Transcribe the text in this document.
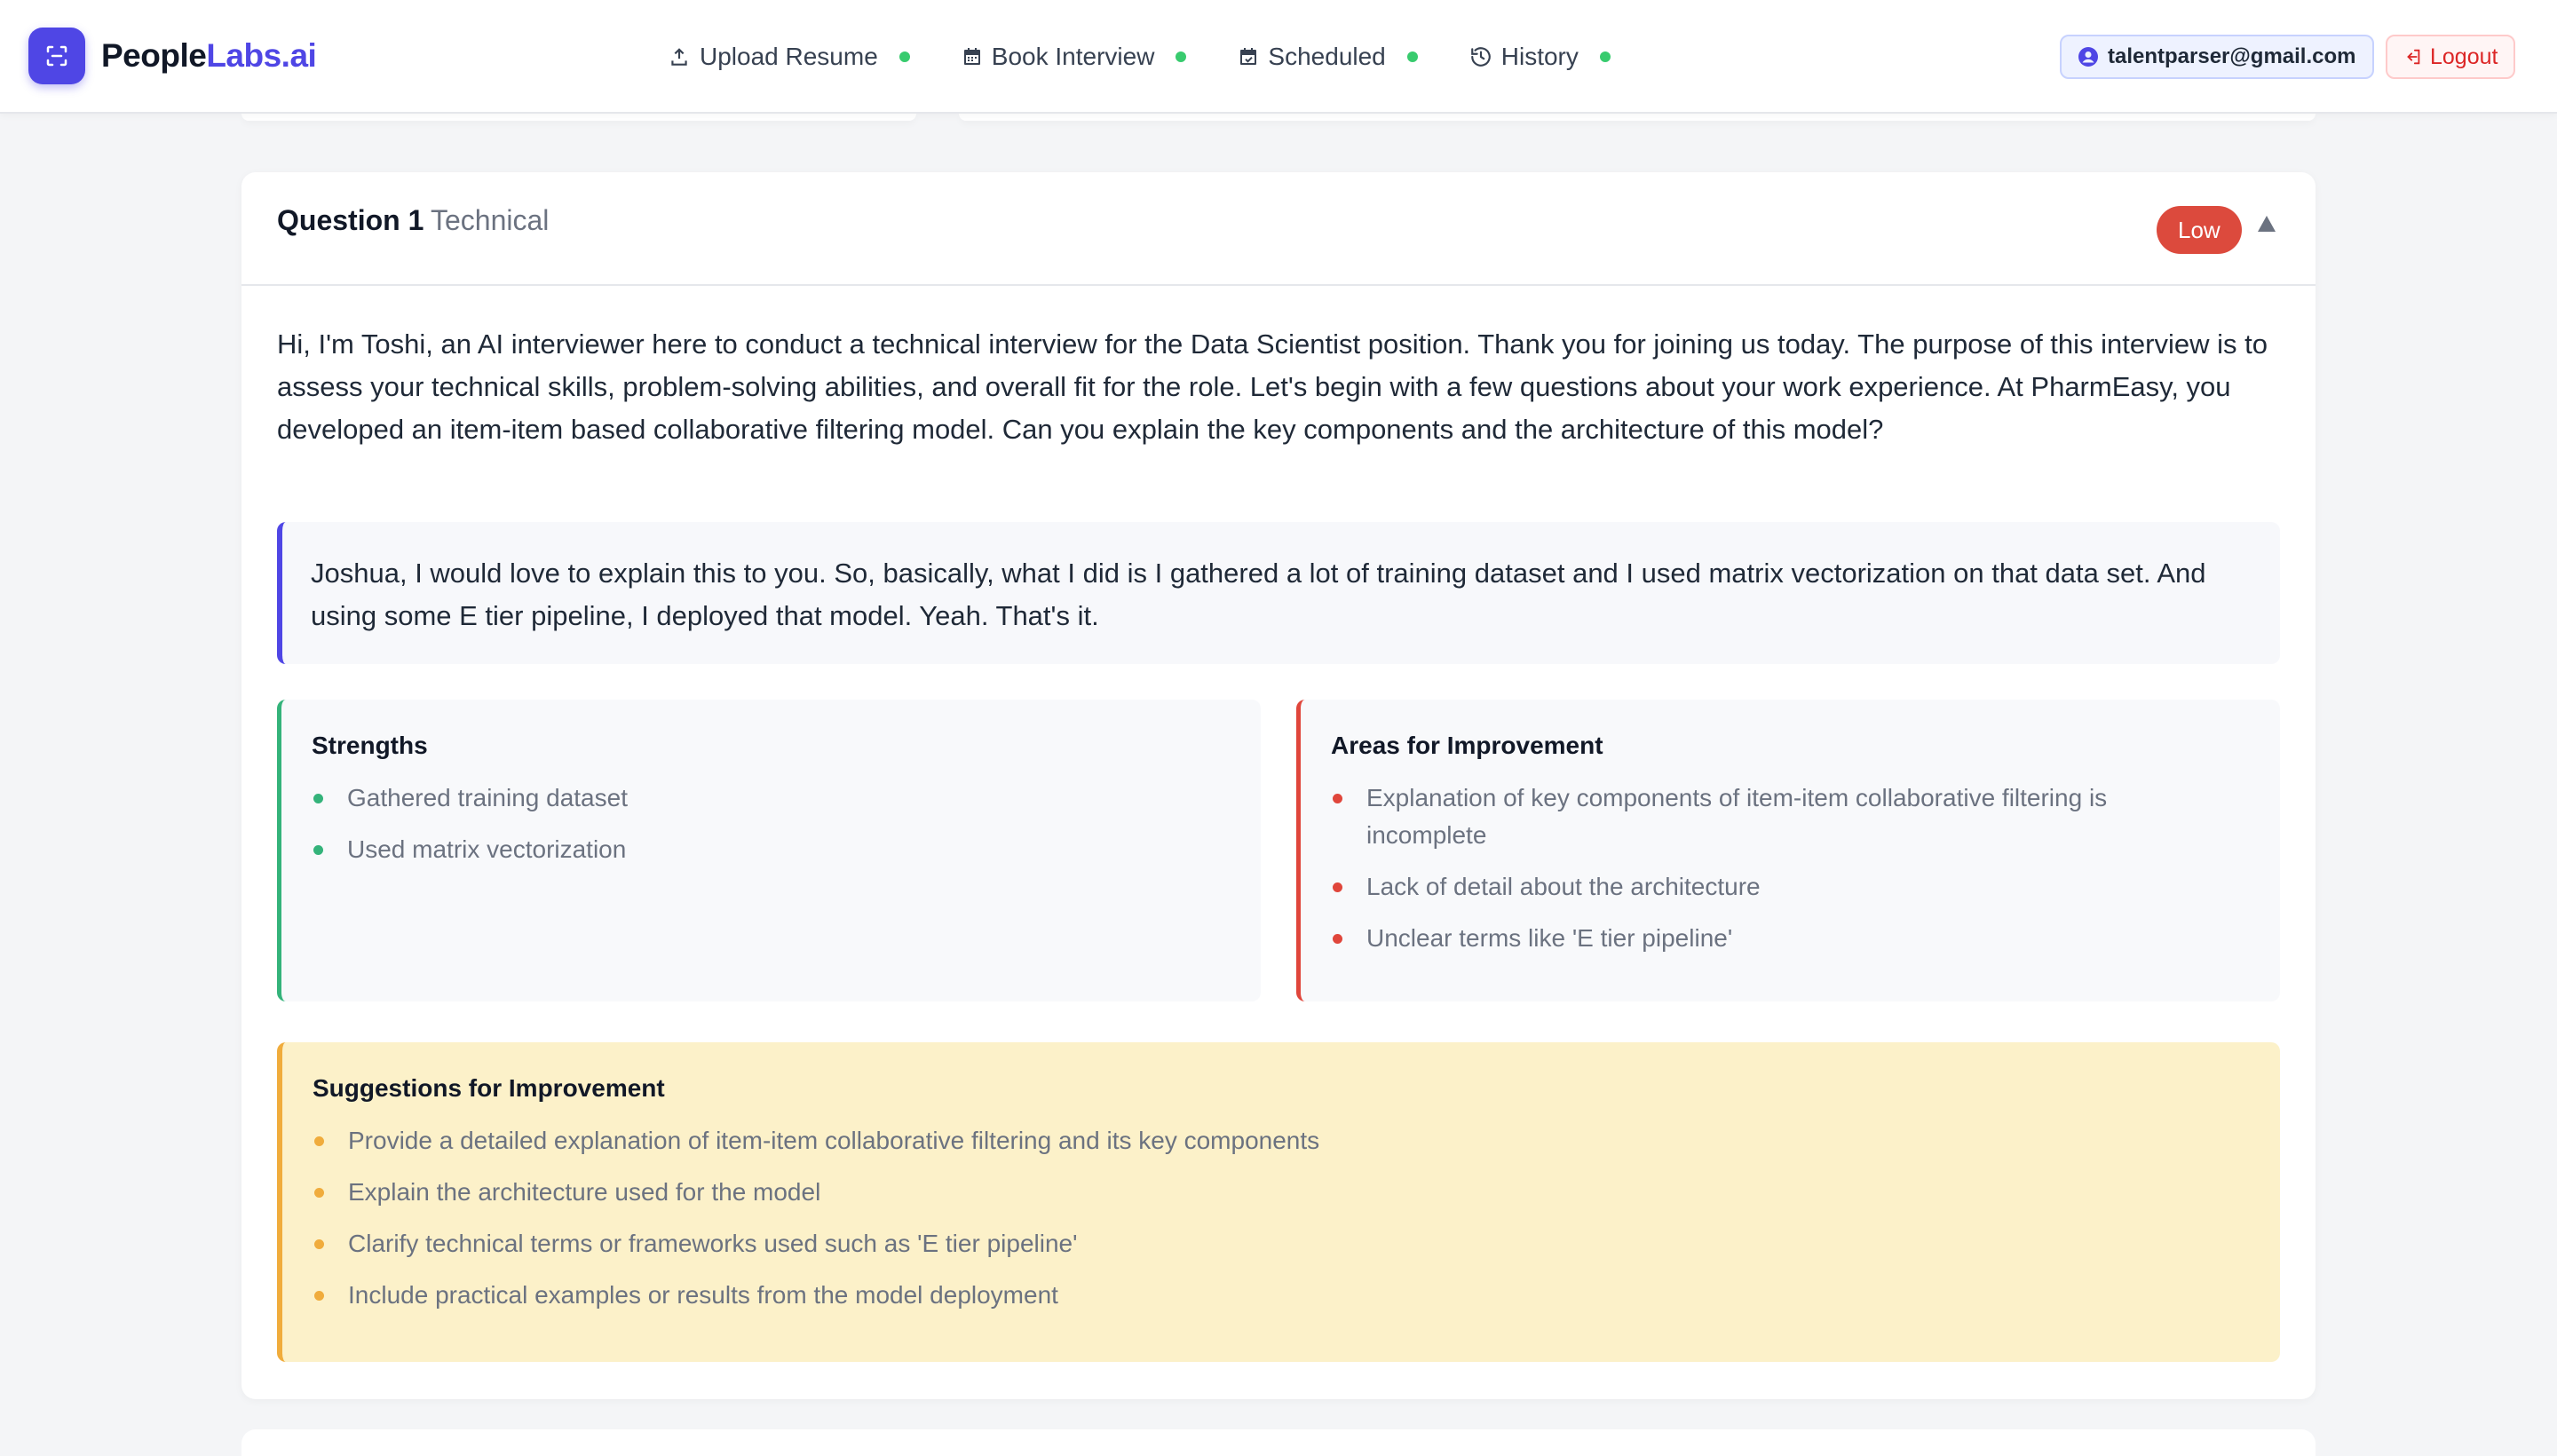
PeopleLabs.ai	Upload Resume	Book Interview	Scheduled	History	talentparser@gmail.com	Logout
Question 1 Technical	Low
Hi, I'm Toshi, an AI interviewer here to conduct a technical interview for the Data Scientist position. Thank you for joining us today. The purpose of this interview is to assess your technical skills, problem-solving abilities, and overall fit for the role. Let's begin with a few questions about your work experience. At PharmEasy, you developed an item-item based collaborative filtering model. Can you explain the key components and the architecture of this model?
Joshua, I would love to explain this to you. So, basically, what I did is I gathered a lot of training dataset and I used matrix vectorization on that data set. And using some E tier pipeline, I deployed that model. Yeah. That's it.
Strengths
Gathered training dataset
Used matrix vectorization
Areas for Improvement
Explanation of key components of item-item collaborative filtering is incomplete
Lack of detail about the architecture
Unclear terms like 'E tier pipeline'
Suggestions for Improvement
Provide a detailed explanation of item-item collaborative filtering and its key components
Explain the architecture used for the model
Clarify technical terms or frameworks used such as 'E tier pipeline'
Include practical examples or results from the model deployment
